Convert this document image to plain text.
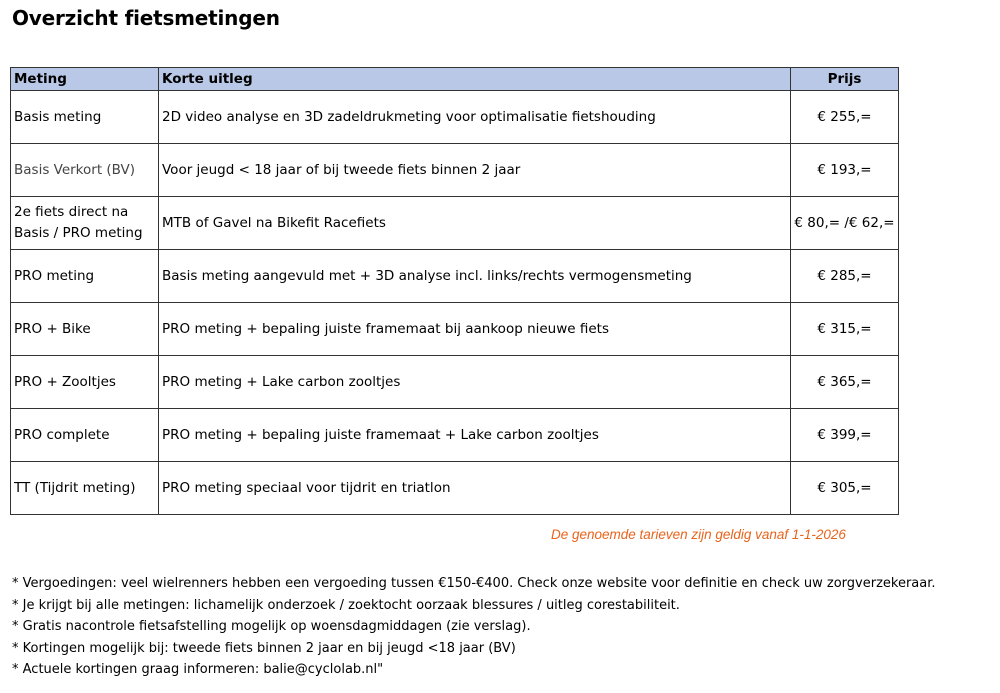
Overzicht fietsmetingen
Meting	Korte uitleg	Prijs
Basis meting	2D video analyse en 3D zadeldrukmeting voor optimalisatie fietshouding	€ 255,=
Basis Verkort (BV)	Voor jeugd < 18 jaar of bij tweede fiets binnen 2 jaar	€ 193,=

2e fiets direct na Basis / PRO meting	MTB of Gavel na Bikefit Racefiets	€ 80,= /€ 62,=
PRO meting	Basis meting aangevuld met + 3D analyse incl. links/rechts vermogensmeting	€ 285,=
PRO + Bike	PRO meting + bepaling juiste framemaat bij aankoop nieuwe fiets	€ 315,=
PRO + Zooltjes	PRO meting + Lake carbon zooltjes	€ 365,=
PRO complete	PRO meting + bepaling juiste framemaat + Lake carbon zooltjes	€ 399,=
TT (Tijdrit meting)	PRO meting speciaal voor tijdrit en triatlon	€ 305,=
De genoemde tarieven zijn geldig vanaf 1-1-2026
* Vergoedingen: veel wielrenners hebben een vergoeding tussen €150-€400. Check onze website voor definitie en check uw zorgverzekeraar.
* Je krijgt bij alle metingen: lichamelijk onderzoek / zoektocht oorzaak blessures / uitleg corestabiliteit.
* Gratis nacontrole fietsafstelling mogelijk op woensdagmiddagen (zie verslag).
* Kortingen mogelijk bij: tweede fiets binnen 2 jaar en bij jeugd <18 jaar (BV)
* Actuele kortingen graag informeren: balie@cyclolab.nl"
